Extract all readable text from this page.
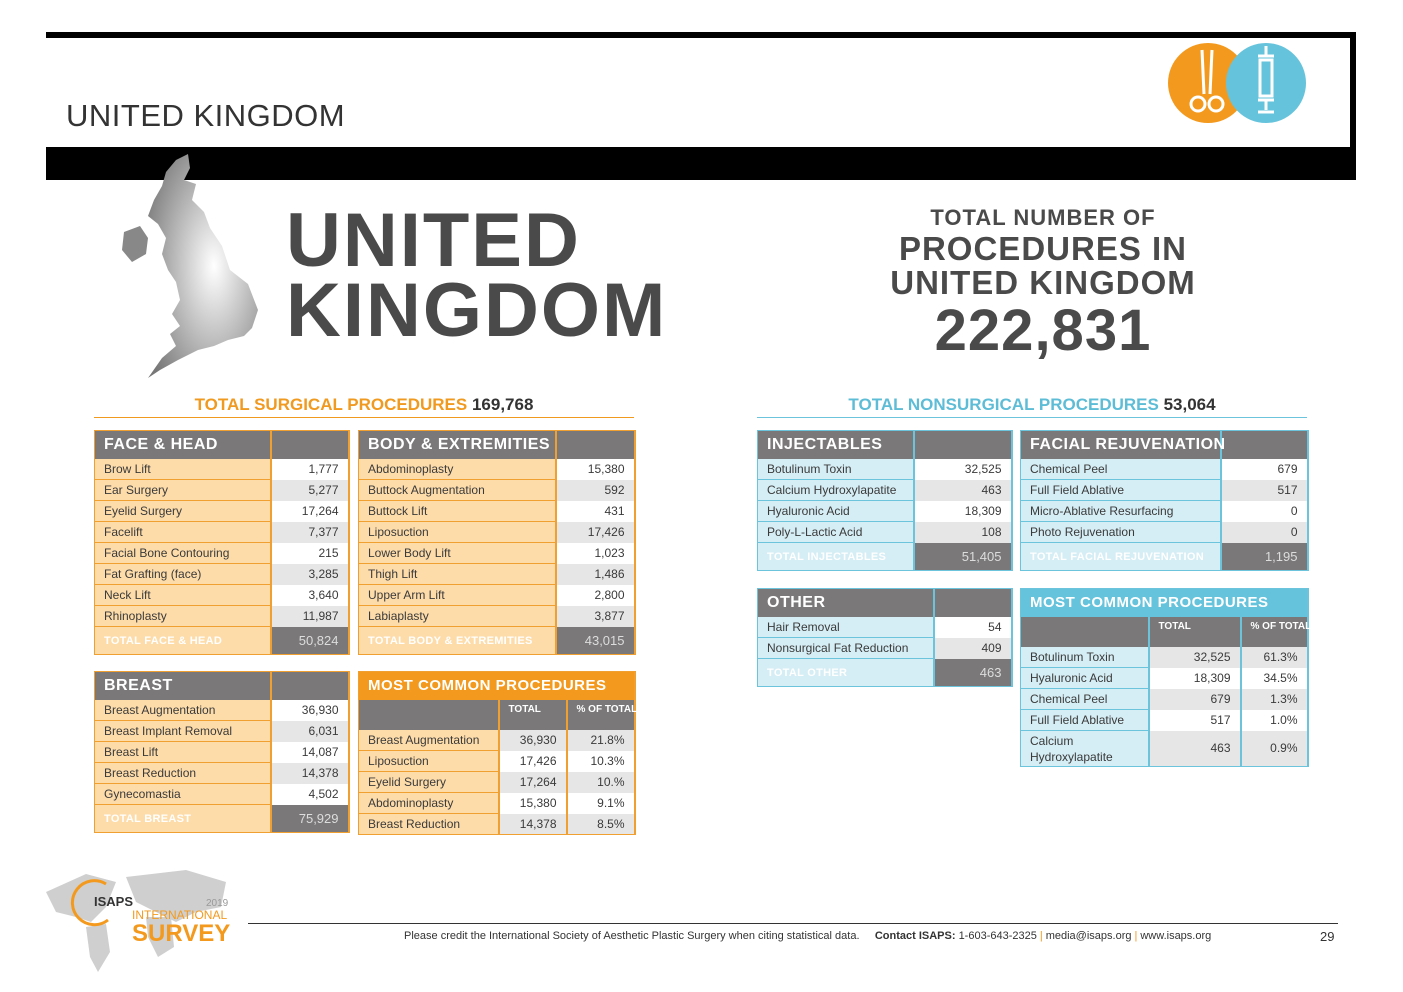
UNITED KINGDOM
UNITED
KINGDOM
TOTAL NUMBER OF
PROCEDURES IN
UNITED KINGDOM
222,831
TOTAL SURGICAL PROCEDURES 169,768	TOTAL NONSURGICAL PROCEDURES 53,064
FACE & HEAD	
Brow Lift	1,777
Ear Surgery	5,277
Eyelid Surgery	17,264
Facelift	7,377
Facial Bone Contouring	215
Fat Grafting (face)	3,285
Neck Lift	3,640
Rhinoplasty	11,987
TOTAL FACE & HEAD	50,824
BODY & EXTREMITIES	
Abdominoplasty	15,380
Buttock Augmentation	592
Buttock Lift	431
Liposuction	17,426
Lower Body Lift	1,023
Thigh Lift	1,486
Upper Arm Lift	2,800
Labiaplasty	3,877
TOTAL BODY & EXTREMITIES	43,015
BREAST	
Breast Augmentation	36,930
Breast Implant Removal	6,031
Breast Lift	14,087
Breast Reduction	14,378
Gynecomastia	4,502
TOTAL BREAST	75,929
MOST COMMON PROCEDURES		
	TOTAL	% OF TOTAL
Breast Augmentation	36,930	21.8%
Liposuction	17,426	10.3%
Eyelid Surgery	17,264	10.%
Abdominoplasty	15,380	9.1%
Breast Reduction	14,378	8.5%
INJECTABLES	
Botulinum Toxin	32,525
Calcium Hydroxylapatite	463
Hyaluronic Acid	18,309
Poly-L-Lactic Acid	108
TOTAL INJECTABLES	51,405
FACIAL REJUVENATION	
Chemical Peel	679
Full Field Ablative	517
Micro-Ablative Resurfacing	0
Photo Rejuvenation	0
TOTAL FACIAL REJUVENATION	1,195
OTHER	
Hair Removal	54
Nonsurgical Fat Reduction	409
TOTAL OTHER	463
MOST COMMON PROCEDURES		
	TOTAL	% OF TOTAL
Botulinum Toxin	32,525	61.3%
Hyaluronic Acid	18,309	34.5%
Chemical Peel	679	1.3%
Full Field Ablative	517	1.0%
Calcium Hydroxylapatite	463	0.9%
ISAPS	2019
INTERNATIONAL
SURVEY	Please credit the International Society of Aesthetic Plastic Surgery when citing statistical data. Contact ISAPS: 1-603-643-2325 | media@isaps.org | www.isaps.org	29
